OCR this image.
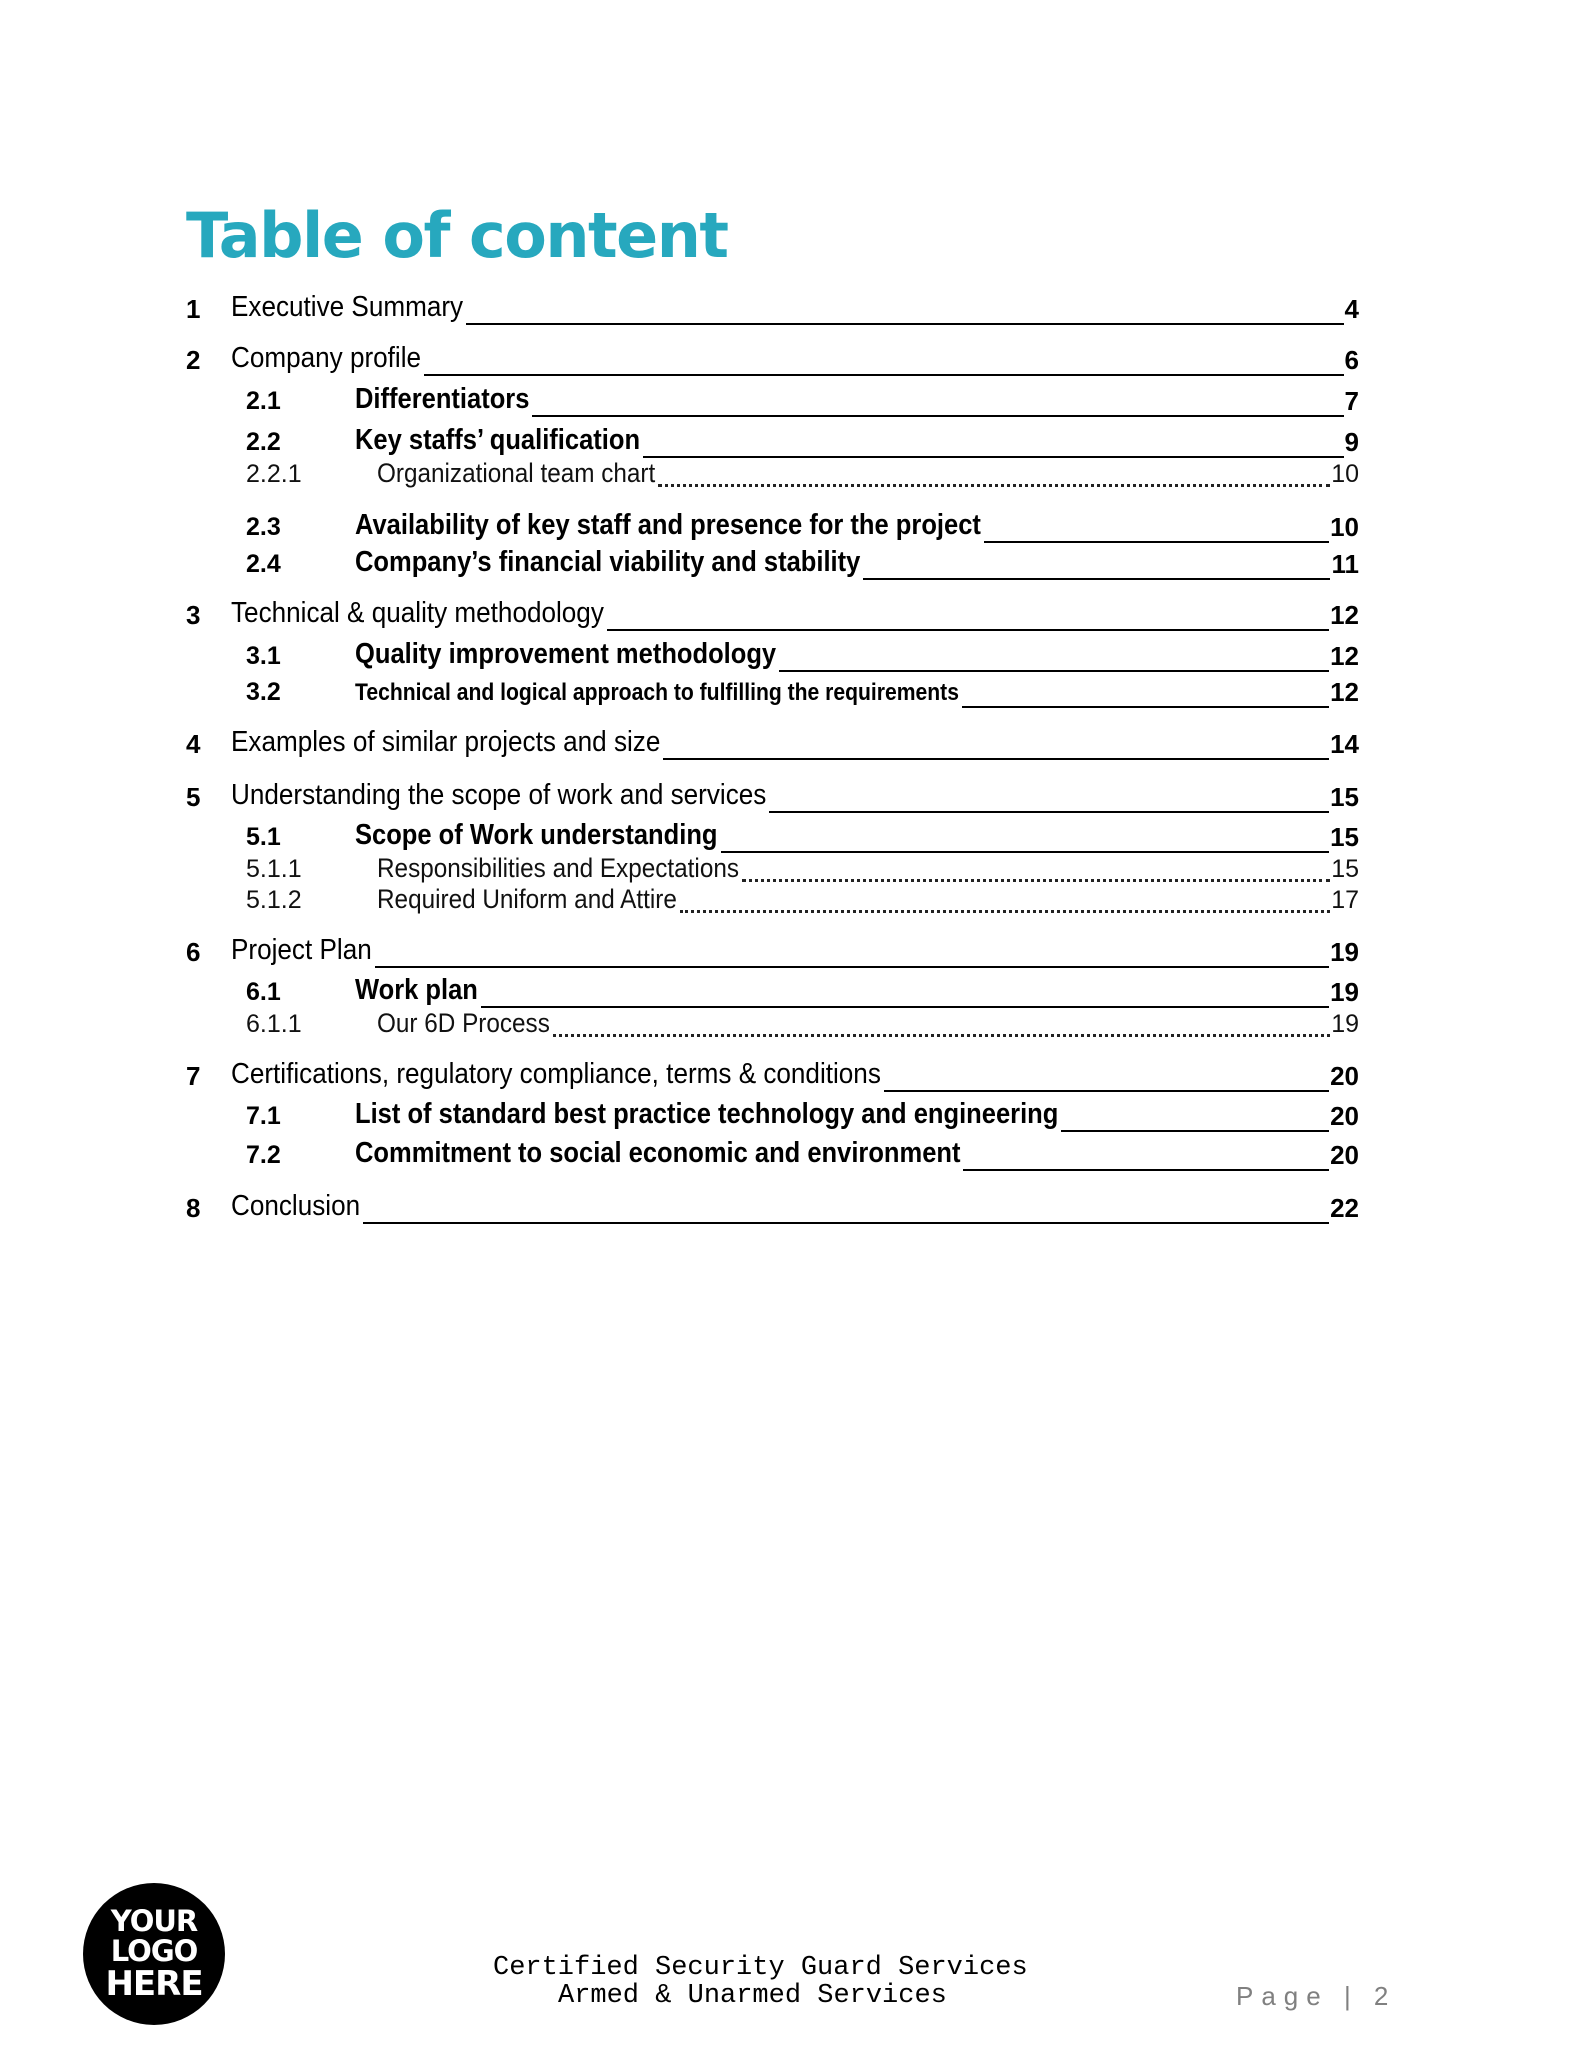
Table of content
1 Executive Summary	4
2 Company profile	6
2.1	Differentiators	7
2.2	Key staffs’ qualification	9
2.2.1	Organizational team chart	10
2.3	Availability of key staff and presence for the project	10
2.4	Company’s financial viability and stability	11
3 Technical & quality methodology	12
3.1	Quality improvement methodology	12
3.2	Technical and logical approach to fulfilling the requirements	12
4 Examples of similar projects and size	14
5 Understanding the scope of work and services	15
5.1	Scope of Work understanding	15
5.1.1	Responsibilities and Expectations	15
5.1.2	Required Uniform and Attire	17
6 Project Plan	19
6.1	Work plan	19
6.1.1	Our 6D Process	19
7 Certifications, regulatory compliance, terms & conditions	20
7.1	List of standard best practice technology and engineering	20
7.2	Commitment to social economic and environment	20
8 Conclusion	22
YOUR
LOGO
HERE	Certified Security Guard Services
Armed & Unarmed Services	Page | 2
